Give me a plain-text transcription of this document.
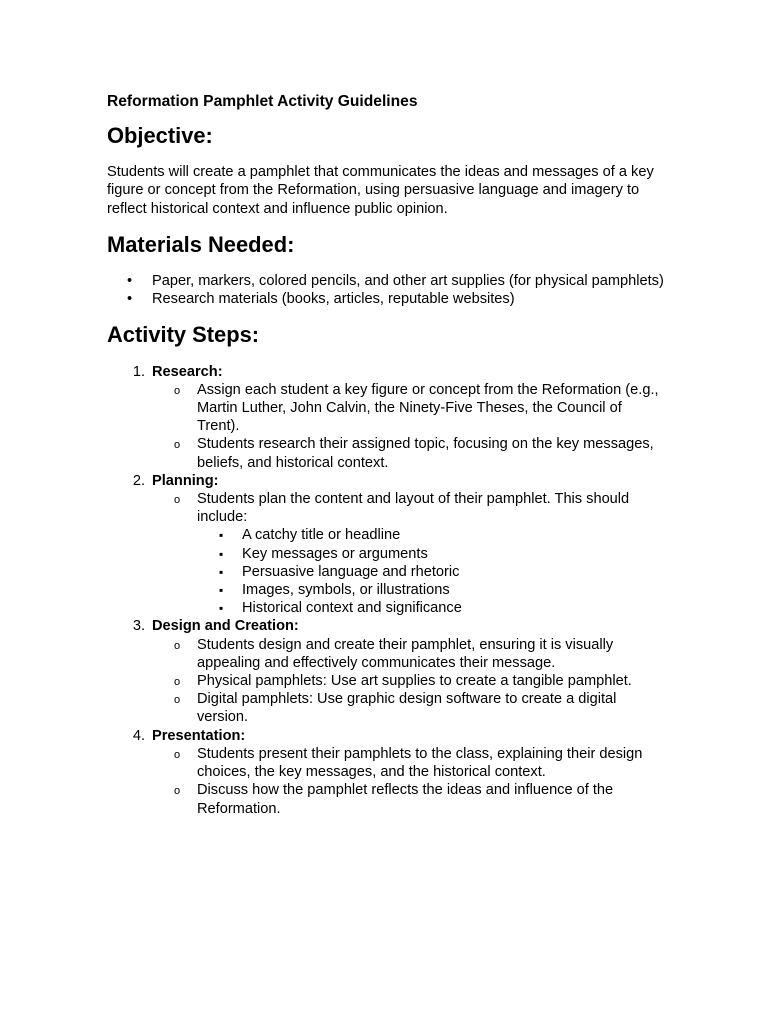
Reformation Pamphlet Activity Guidelines
Objective:

Students will create a pamphlet that communicates the ideas and messages of a key figure or concept from the Reformation, using persuasive language and imagery to reflect historical context and influence public opinion.

Materials Needed:
• Paper, markers, colored pencils, and other art supplies (for physical pamphlets)
• Research materials (books, articles, reputable websites)
Activity Steps:
1. Research:
o Assign each student a key figure or concept from the Reformation (e.g., Martin Luther, John Calvin, the Ninety-Five Theses, the Council of Trent).
o Students research their assigned topic, focusing on the key messages, beliefs, and historical context.
2. Planning:
o Students plan the content and layout of their pamphlet. This should include:
▪ A catchy title or headline
▪ Key messages or arguments
▪ Persuasive language and rhetoric
▪ Images, symbols, or illustrations
▪ Historical context and significance
3. Design and Creation:
o Students design and create their pamphlet, ensuring it is visually appealing and effectively communicates their message.
o Physical pamphlets: Use art supplies to create a tangible pamphlet.
o Digital pamphlets: Use graphic design software to create a digital version.
4. Presentation:
o Students present their pamphlets to the class, explaining their design choices, the key messages, and the historical context.
o Discuss how the pamphlet reflects the ideas and influence of the Reformation.
